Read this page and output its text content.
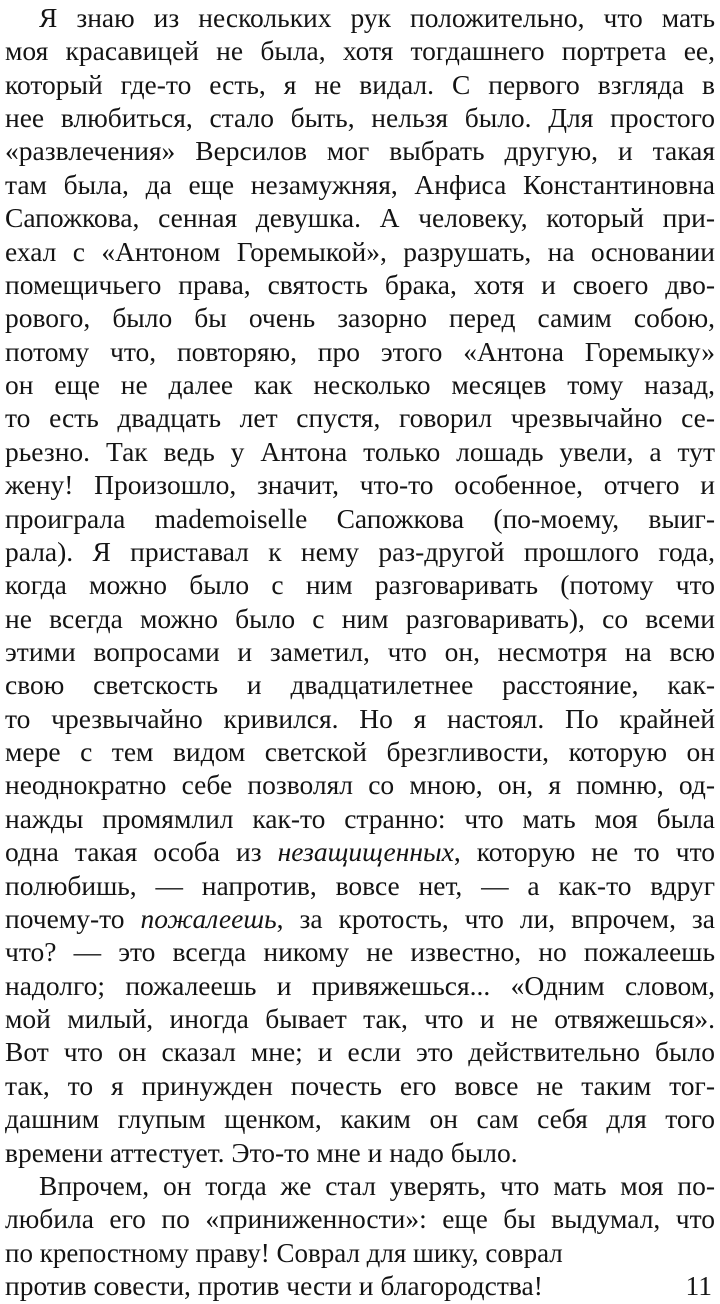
Я знаю из нескольких рук положительно, что мать
моя красавицей не была, хотя тогдашнего портрета ее,
который где-то есть, я не видал. С первого взгляда в
нее влюбиться, стало быть, нельзя было. Для простого
«развлечения» Версилов мог выбрать другую, и такая
там была, да еще незамужняя, Анфиса Константиновна
Сапожкова, сенная девушка. А человеку, который при-
ехал с «Антоном Горемыкой», разрушать, на основании
помещичьего права, святость брака, хотя и своего дво-
рового, было бы очень зазорно перед самим собою,
потому что, повторяю, про этого «Антона Горемыку»
он еще не далее как несколько месяцев тому назад,
то есть двадцать лет спустя, говорил чрезвычайно се-
рьезно. Так ведь у Антона только лошадь увели, а тут
жену! Произошло, значит, что-то особенное, отчего и
проиграла mademoiselle Сапожкова (по-моему, выиг-
рала). Я приставал к нему раз-другой прошлого года,
когда можно было с ним разговаривать (потому что
не всегда можно было с ним разговаривать), со всеми
этими вопросами и заметил, что он, несмотря на всю
свою светскость и двадцатилетнее расстояние, как-
то чрезвычайно кривился. Но я настоял. По крайней
мере с тем видом светской брезгливости, которую он
неоднократно себе позволял со мною, он, я помню, од-
нажды промямлил как-то странно: что мать моя была
одна такая особа из незащищенных, которую не то что
полюбишь, — напротив, вовсе нет, — а как-то вдруг
почему-то пожалеешь, за кротость, что ли, впрочем, за
что? — это всегда никому не известно, но пожалеешь
надолго; пожалеешь и привяжешься... «Одним словом,
мой милый, иногда бывает так, что и не отвяжешься».
Вот что он сказал мне; и если это действительно было
так, то я принужден почесть его вовсе не таким тог-
дашним глупым щенком, каким он сам себя для того
времени аттестует. Это-то мне и надо было.
Впрочем, он тогда же стал уверять, что мать моя по-
любила его по «приниженности»: еще бы выдумал, что
по крепостному праву! Соврал для шику, соврал
против совести, против чести и благородства!	11
